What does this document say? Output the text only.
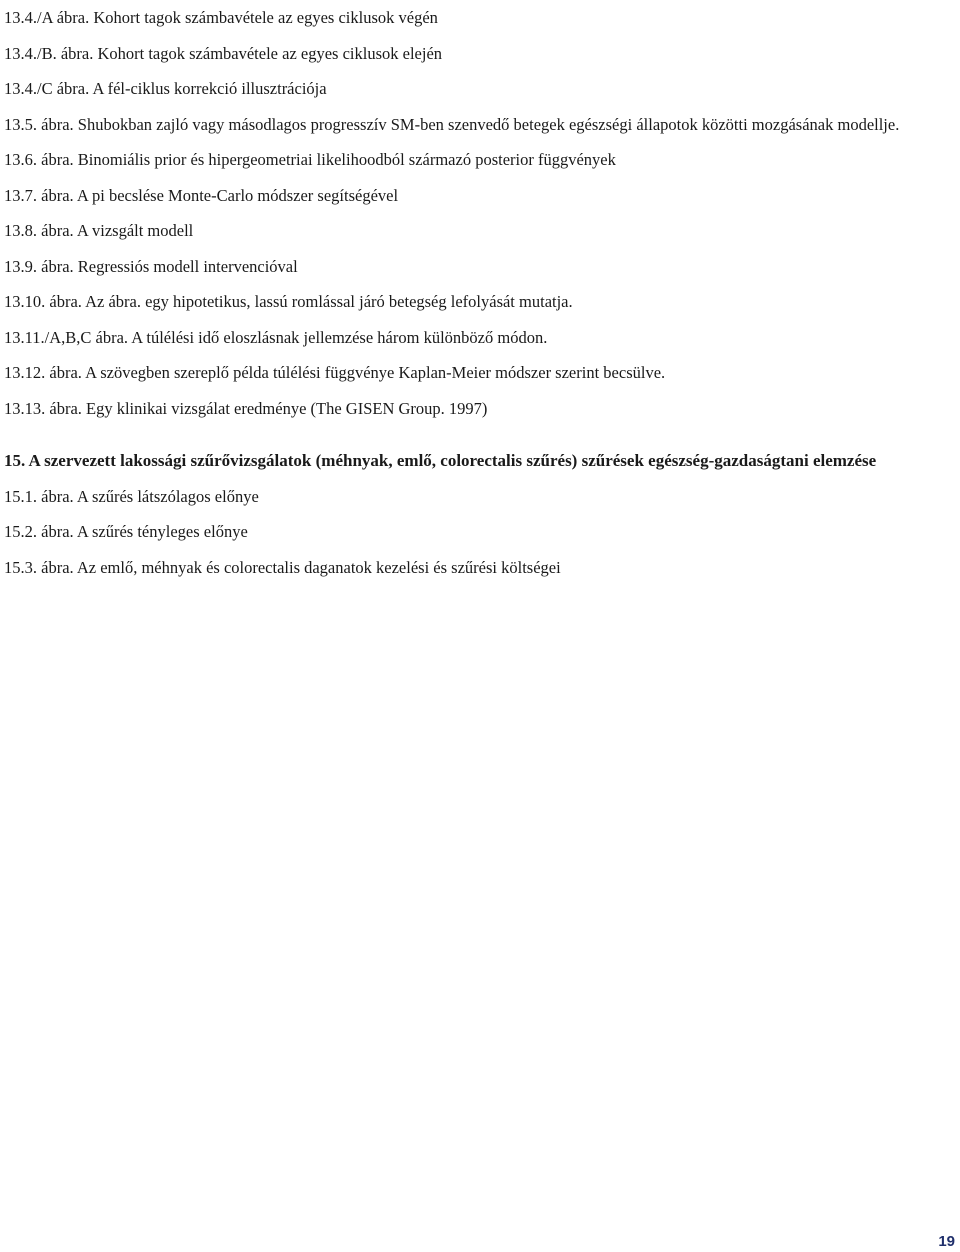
13.4./A ábra. Kohort tagok számbavétele az egyes ciklusok végén
13.4./B. ábra. Kohort tagok számbavétele az egyes ciklusok elején
13.4./C ábra. A fél-ciklus korrekció illusztrációja
13.5. ábra. Shubokban zajló vagy másodlagos progresszív SM-ben szenvedő betegek egészségi állapotok közötti mozgásának modellje.
13.6. ábra. Binomiális prior és hipergeometriai likelihoodból származó posterior függvények
13.7. ábra. A pi becslése Monte-Carlo módszer segítségével
13.8. ábra. A vizsgált modell
13.9. ábra. Regressiós modell intervencióval
13.10. ábra. Az ábra. egy hipotetikus, lassú romlással járó betegség lefolyását mutatja.
13.11./A,B,C ábra. A túlélési idő eloszlásnak jellemzése három különböző módon.
13.12. ábra. A szövegben szereplő példa túlélési függvénye Kaplan-Meier módszer szerint becsülve.
13.13. ábra. Egy klinikai vizsgálat eredménye (The GISEN Group. 1997)
15. A szervezett lakossági szűrővizsgálatok (méhnyak, emlő, colorectalis szűrés) szűrések egészség-gazdaságtani elemzése
15.1. ábra. A szűrés látszólagos előnye
15.2. ábra. A szűrés tényleges előnye
15.3. ábra. Az emlő, méhnyak és colorectalis daganatok kezelési és szűrési költségei
19
